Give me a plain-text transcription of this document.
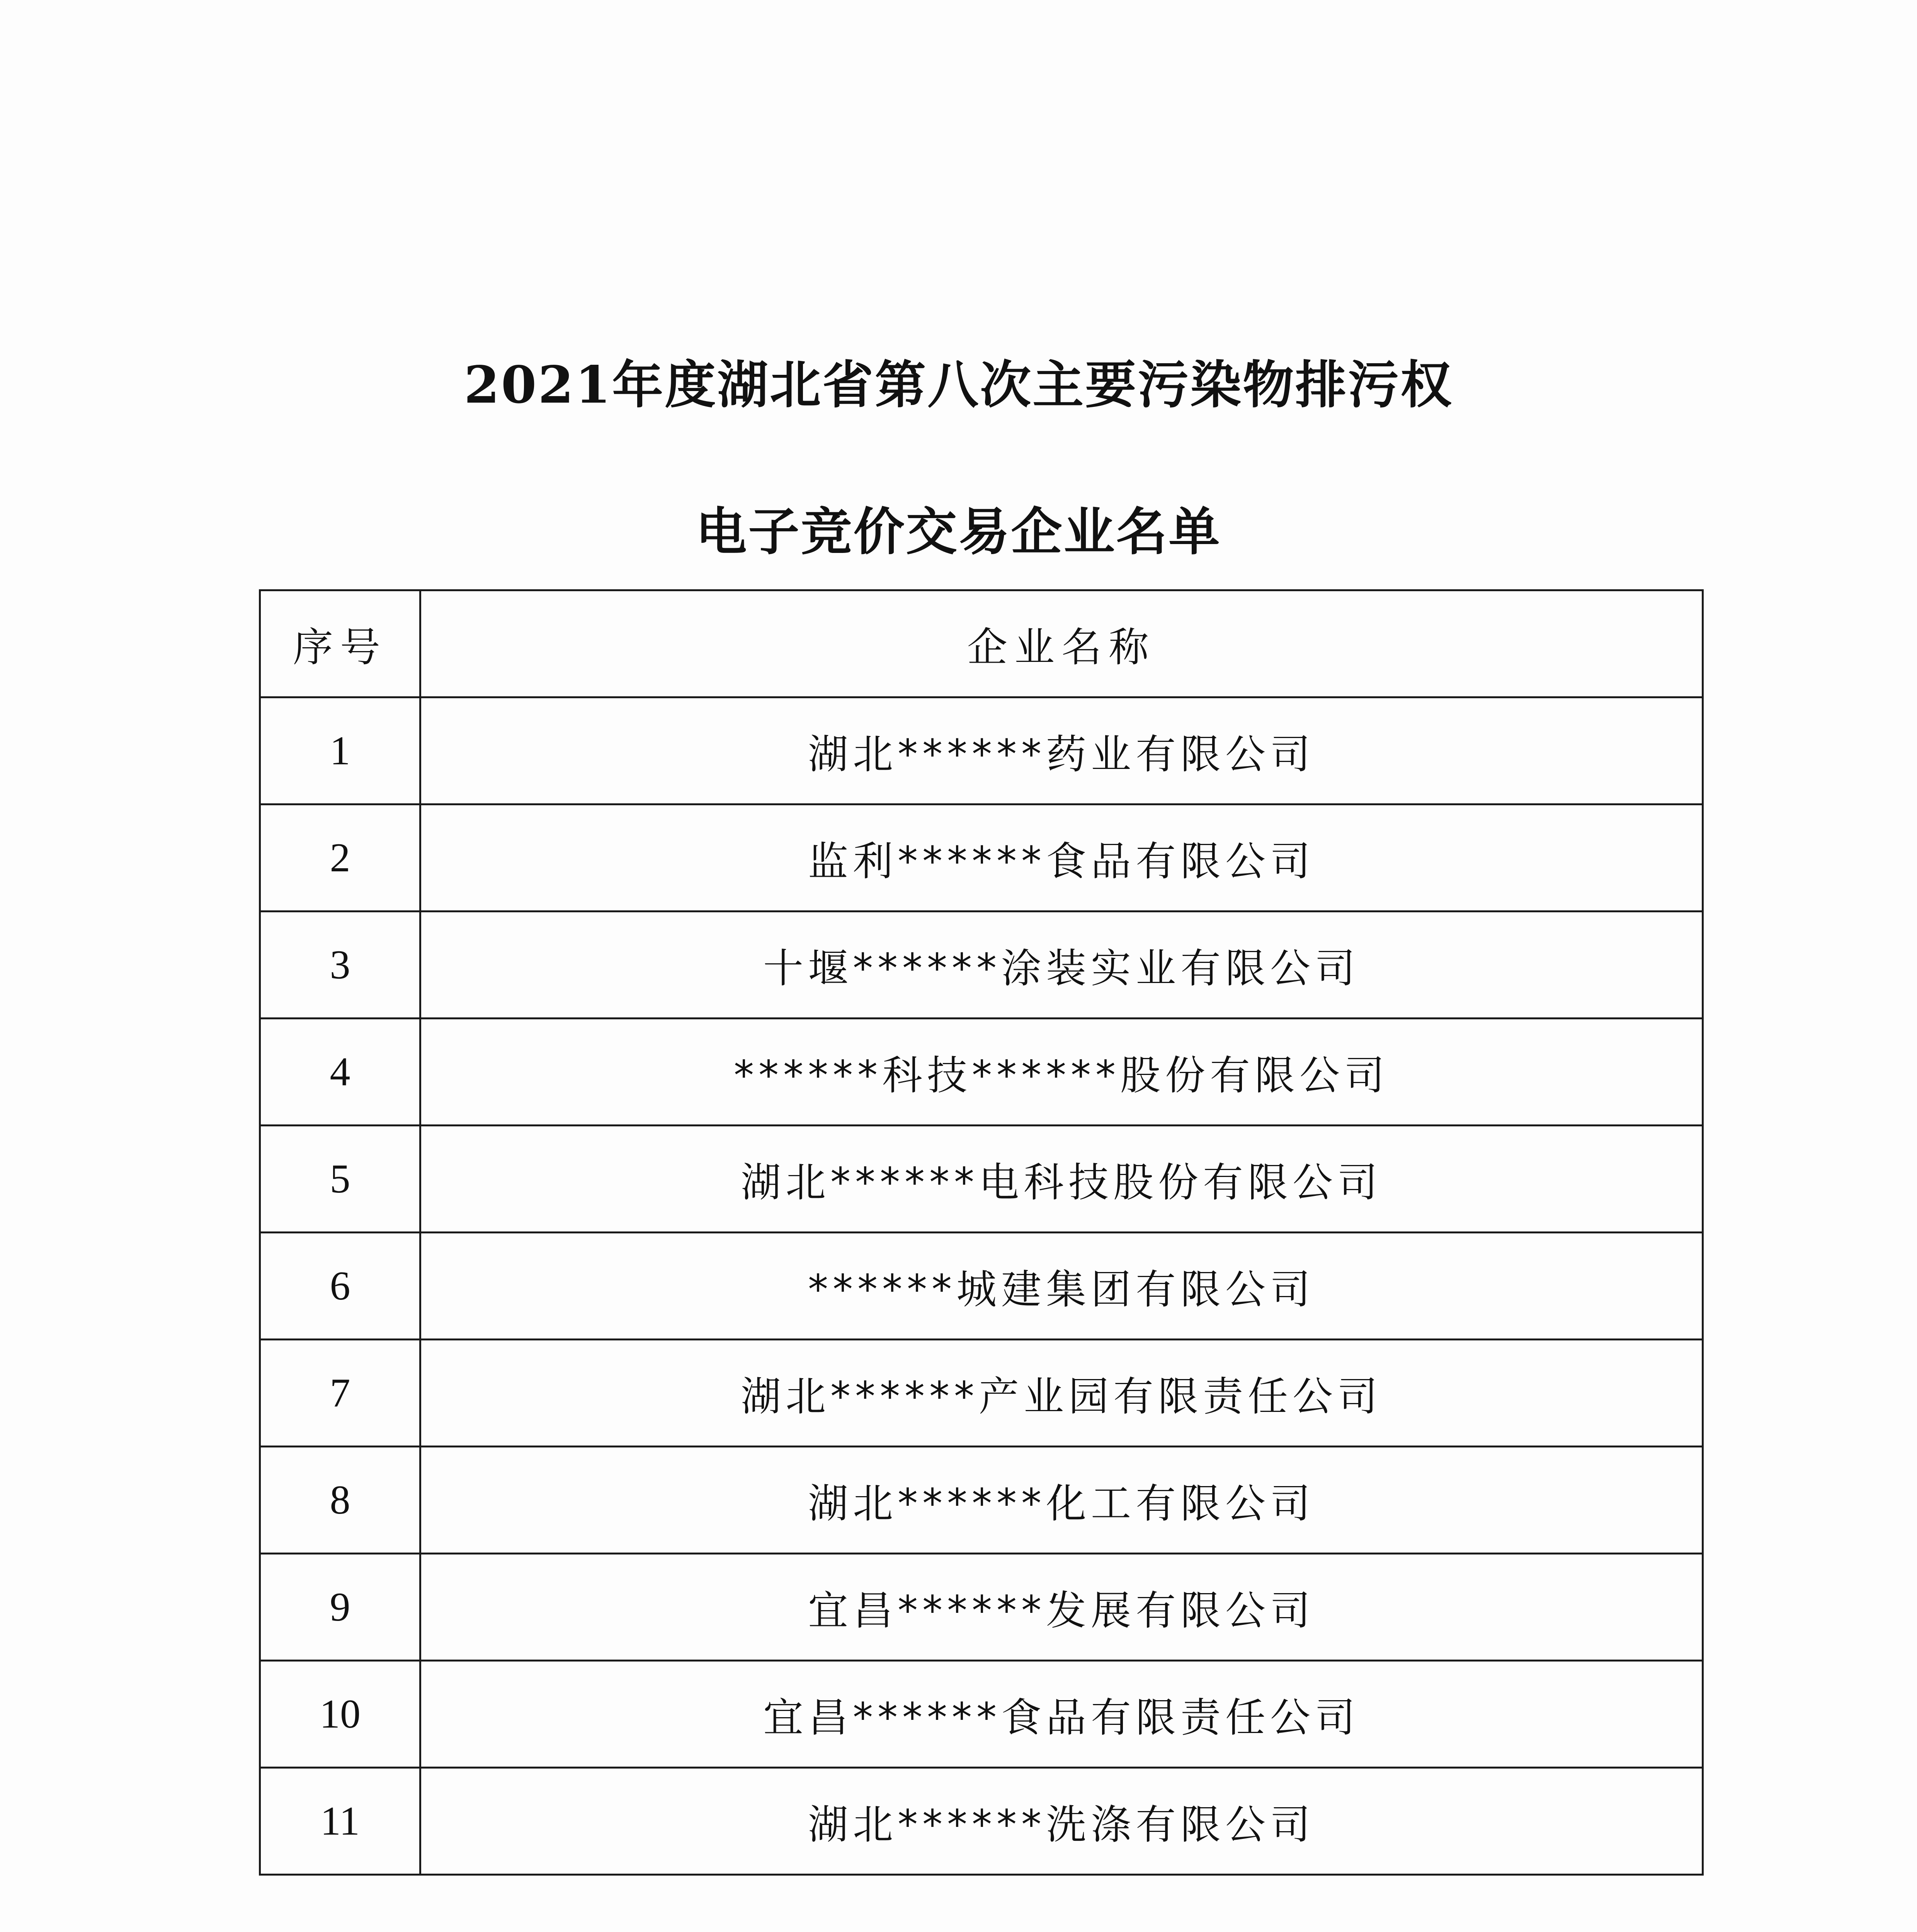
2021年度湖北省第八次主要污染物排污权
电子竞价交易企业名单
序号	企业名称
1	湖北******药业有限公司
2	监利******食品有限公司
3	十堰******涂装实业有限公司
4	******科技******股份有限公司
5	湖北******电科技股份有限公司
6	******城建集团有限公司
7	湖北******产业园有限责任公司
8	湖北******化工有限公司
9	宜昌******发展有限公司
10	宜昌******食品有限责任公司
11	湖北******洗涤有限公司
